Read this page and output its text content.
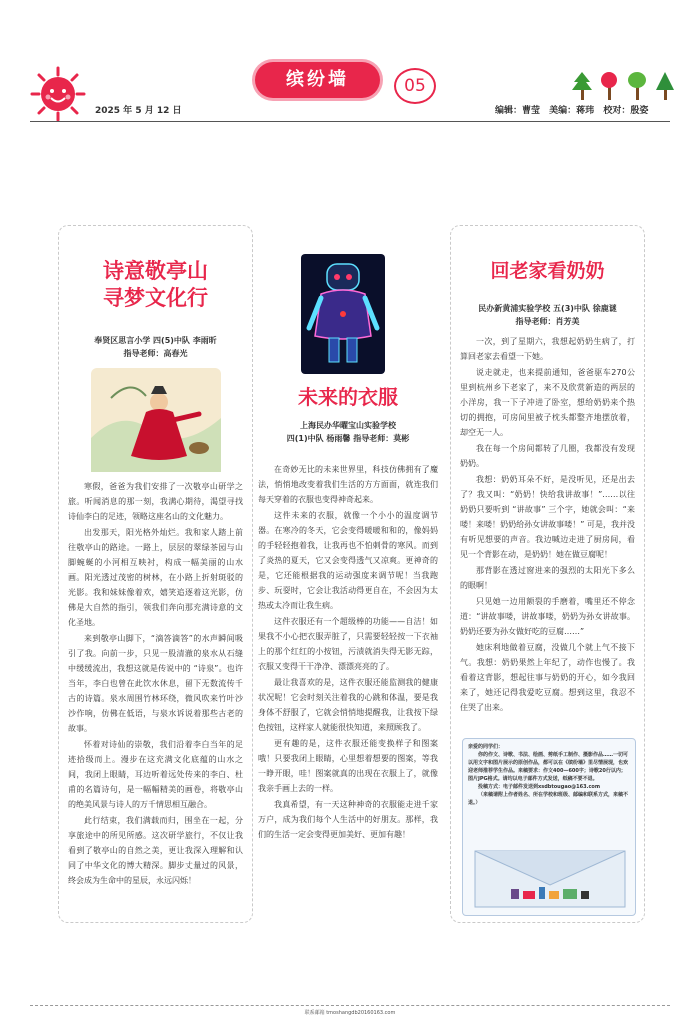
2025 年 5 月 12 日
缤纷墙	05
编辑：曹莹 美编：蒋玮 校对：殷姿
诗意敬亭山
寻梦文化行
奉贤区思言小学 四(5)中队 李雨昕
指导老师：高春光

寒假，爸爸为我们安排了一次敬亭山研学之旅。听闻消息的那一刻，我满心期待，渴望寻找诗仙李白的足迹，领略这座名山的文化魅力。

出发那天，阳光格外灿烂。我和家人踏上前往敬亭山的路途。一路上，层层的翠绿茶园与山脚蜿蜒的小河相互映衬，构成一幅美丽的山水画。阳光透过茂密的树林，在小路上折射斑驳的光影。我和妹妹像着欢，嬉笑追逐着这光影，仿佛是大自然的指引，领我们奔向那充满诗意的文化圣地。

来到敬亭山脚下，“滴答滴答”的水声瞬间吸引了我。向前一步，只见一股清澈的泉水从石缝中缓缓流出，我想这就是传说中的 “诗泉”。也许当年，李白也曾在此饮水休息，留下无数流传千古的诗篇。泉水周围竹林环绕，微风吹来竹叶沙沙作响，仿佛在低语，与泉水诉说着那些古老的故事。

怀着对诗仙的崇敬，我们沿着李白当年的足迹拾级而上。漫步在这充满文化底蕴的山水之间，我闭上眼睛，耳边听着远处传来的李白、杜甫的名篇诗句，是一幅幅精美的画卷，将敬亭山的绝美风景与诗人的万千情思相互融合。

此行结束，我们满载而归，围坐在一起，分享旅途中的所见所感。这次研学旅行，不仅让我看到了敬亭山的自然之美，更让我深入理解和认同了中华文化的博大精深。脚步丈量过的风景，终会成为生命中的星辰，永远闪烁！

未来的衣服
上海民办华曜宝山实验学校
四(1)中队 杨雨馨 指导老师：莫彬

在奇妙无比的未来世界里，科技仿佛拥有了魔法，悄悄地改变着我们生活的方方面面，就连我们每天穿着的衣服也变得神奇起来。

这件未来的衣服，就像一个小小的温度调节器。在寒冷的冬天，它会变得暖暖和和的，像妈妈的手轻轻抱着我，让我再也不怕刺骨的寒风。而到了炎热的夏天，它又会变得透气又凉爽。更神奇的是，它还能根据我的运动强度来调节呢！当我跑步、玩耍时，它会让我活动得更自在，不会因为太热或太冷而让我生病。

这件衣服还有一个超级棒的功能——自洁！如果我不小心把衣服弄脏了，只需要轻轻按一下衣袖上的那个红红的小按钮，污渍就消失得无影无踪，衣服又变得干干净净、漂漂亮亮的了。

最让我喜欢的是，这件衣服还能监测我的健康状况呢！它会时刻关注着我的心跳和体温，要是我身体不舒服了，它就会悄悄地提醒我，让我按下绿色按钮，这样家人就能很快知道，来照顾我了。

更有趣的是，这件衣服还能变换样子和图案哦！只要我闭上眼睛，心里想着想要的图案，等我一睁开眼，哇！图案就真的出现在衣服上了，就像我亲手画上去的一样。

我真希望，有一天这种神奇的衣服能走进千家万户，成为我们每个人生活中的好朋友。那样，我们的生活一定会变得更加美好、更加有趣！

回老家看奶奶
民办新黄浦实验学校 五(3)中队 徐鹿谜
指导老师：肖芳美

一次，到了星期六，我想起奶奶生病了，打算回老家去看望一下她。

说走就走，也来提前通知，爸爸驱车270公里到杭州乡下老家了，来不及欣赏新造的两层的小洋房，我一下子冲进了卧室，想给奶奶来个热切的拥抱，可房间里被子枕头都整齐地摆放着，却空无一人。

我在每一个房间都转了几圈，我都没有发现奶奶。

我想：奶奶耳朵不好，是没听见，还是出去了？我又叫：“奶奶！快给我讲故事！”……以往奶奶只要听到 “讲故事” 三个字，她就会叫：“来喽！来喽！奶奶给孙女讲故事喽！” 可是，我并没有听见想要的声音。我边喊边走进了厨房间，看见一个背影在动，是奶奶！她在做豆腐呢！

那背影在透过窗进来的强烈的太阳光下多么的眼啊！

只见她一边用额裂的手磨着，嘴里还不停念道：“讲故事喽，讲故事喽，奶奶为孙女讲故事。奶奶还要为孙女做好吃的豆腐……”

她床利地做着豆腐，没做几个就上气不接下气。我想：奶奶果然上年纪了，动作也慢了。我看着这背影，想起往事与奶奶的开心，如今我回来了，她还记得我爱吃豆腐。想到这里，我忍不住哭了出来。

亲爱的同学们：
你的作文、诗歌、书法、绘画、剪纸手工制作、摄影作品……一切可以用文字和图片展示的原创作品，都可以在《缤纷墙》里尽情展现，也欢迎老师推荐学生作品。来稿要求：作文400—600字；诗歌20行以内；图片JPG格式。请均以电子邮件方式发送，纸稿不要不退。
投稿方式：电子邮件发送到xsdbtougao@163.com
（来稿请附上作者姓名、所在学校和班级、邮编和联系方式，来稿不退。）
联系邮箱 tmoshangdb20160163.com
